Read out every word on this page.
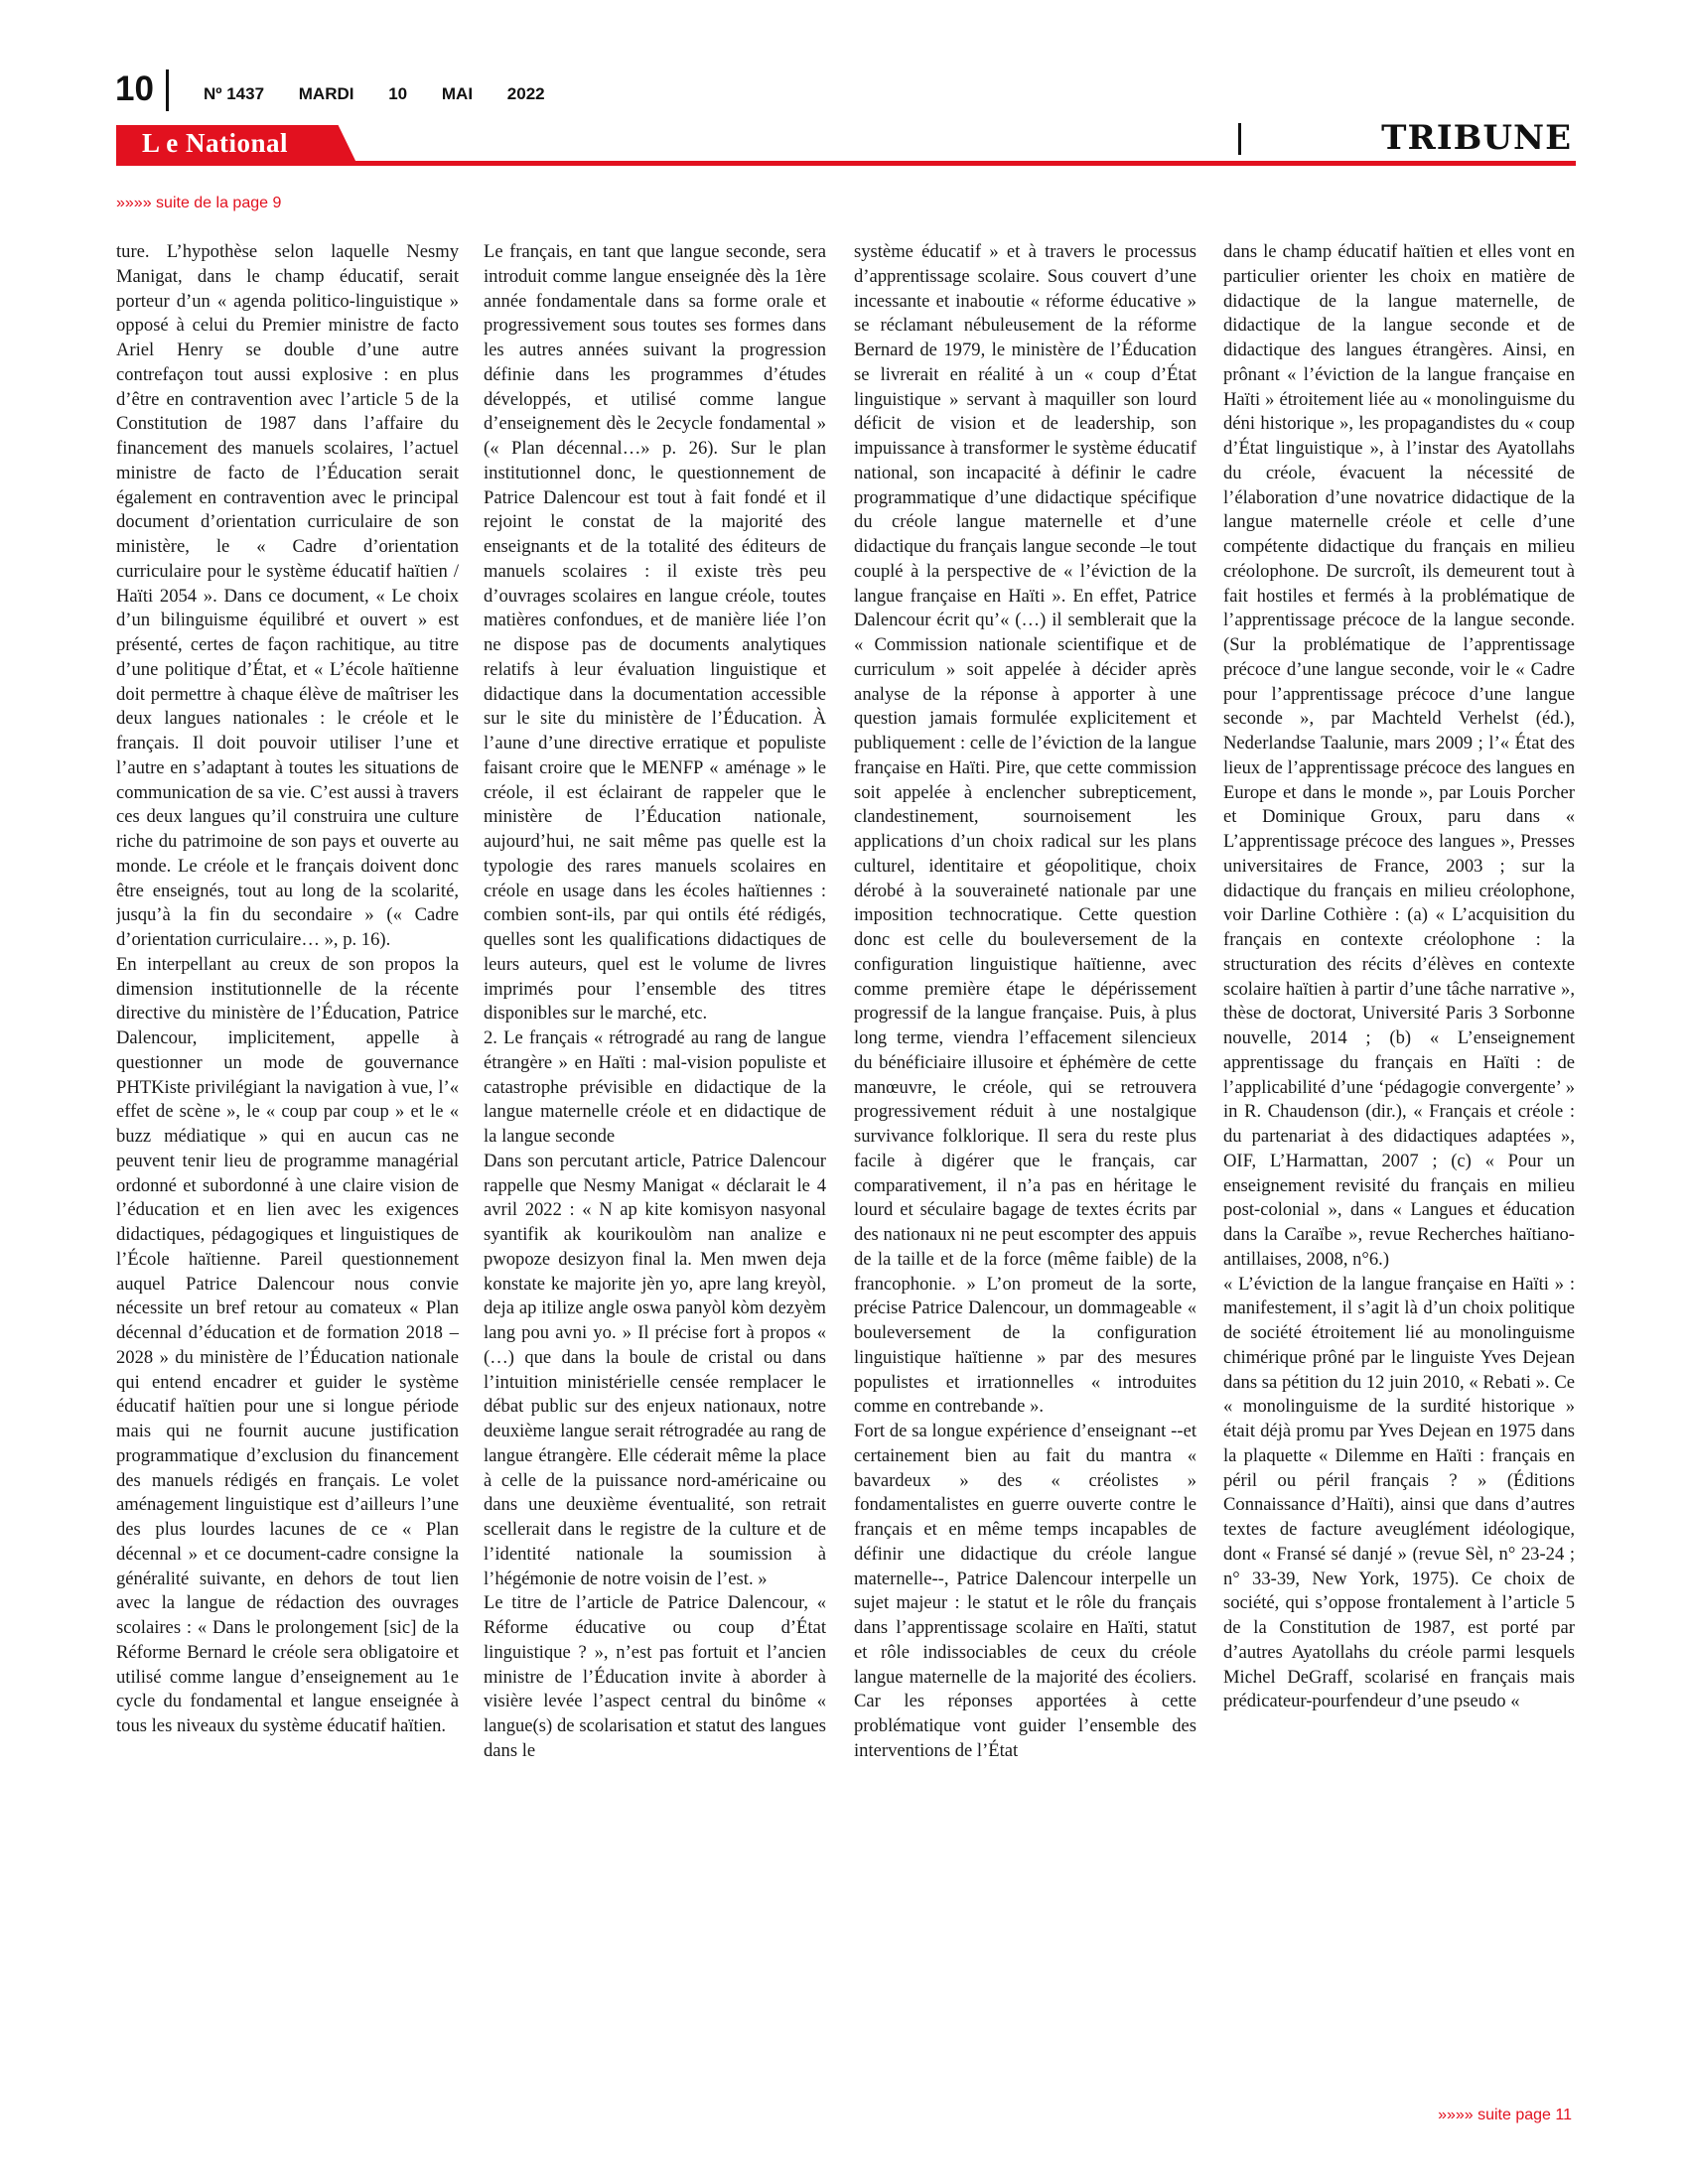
10	Nº 1437 MARDI 10 MAI 2022
L e National	TRIBUNE
»»»» suite de la page 9

ture. L’hypothèse selon laquelle Nesmy Manigat, dans le champ éducatif, serait porteur d’un « agenda politico-linguistique » opposé à celui du Premier ministre de facto Ariel Henry se double d’une autre contrefaçon tout aussi explosive : en plus d’être en contravention avec l’article 5 de la Constitution de 1987 dans l’affaire du financement des manuels scolaires, l’actuel ministre de facto de l’Éducation serait également en contravention avec le principal document d’orientation curriculaire de son ministère, le « Cadre d’orientation curriculaire pour le système éducatif haïtien / Haïti 2054 ». Dans ce document, « Le choix d’un bilinguisme équilibré et ouvert » est présenté, certes de façon rachitique, au titre d’une politique d’État, et « L’école haïtienne doit permettre à chaque élève de maîtriser les deux langues nationales : le créole et le français. Il doit pouvoir utiliser l’une et l’autre en s’adaptant à toutes les situations de communication de sa vie. C’est aussi à travers ces deux langues qu’il construira une culture riche du patrimoine de son pays et ouverte au monde. Le créole et le français doivent donc être enseignés, tout au long de la scolarité, jusqu’à la fin du secondaire » (« Cadre d’orientation curriculaire… », p. 16).

En interpellant au creux de son propos la dimension institutionnelle de la récente directive du ministère de l’Éducation, Patrice Dalencour, implicitement, appelle à questionner un mode de gouvernance PHTKiste privilégiant la navigation à vue, l’« effet de scène », le « coup par coup » et le « buzz médiatique » qui en aucun cas ne peuvent tenir lieu de programme managérial ordonné et subordonné à une claire vision de l’éducation et en lien avec les exigences didactiques, pédagogiques et linguistiques de l’École haïtienne. Pareil questionnement auquel Patrice Dalencour nous convie nécessite un bref retour au comateux « Plan décennal d’éducation et de formation 2018 – 2028 » du ministère de l’Éducation nationale qui entend encadrer et guider le système éducatif haïtien pour une si longue période mais qui ne fournit aucune justification programmatique d’exclusion du financement des manuels rédigés en français. Le volet aménagement linguistique est d’ailleurs l’une des plus lourdes lacunes de ce « Plan décennal » et ce document-cadre consigne la généralité suivante, en dehors de tout lien avec la langue de rédaction des ouvrages scolaires : « Dans le prolongement [sic] de la Réforme Bernard le créole sera obligatoire et utilisé comme langue d’enseignement au 1e cycle du fondamental et langue enseignée à tous les niveaux du système éducatif haïtien.

Le français, en tant que langue seconde, sera introduit comme langue enseignée dès la 1ère année fondamentale dans sa forme orale et progressivement sous toutes ses formes dans les autres années suivant la progression définie dans les programmes d’études développés, et utilisé comme langue d’enseignement dès le 2ecycle fondamental » (« Plan décennal…» p. 26). Sur le plan institutionnel donc, le questionnement de Patrice Dalencour est tout à fait fondé et il rejoint le constat de la majorité des enseignants et de la totalité des éditeurs de manuels scolaires : il existe très peu d’ouvrages scolaires en langue créole, toutes matières confondues, et de manière liée l’on ne dispose pas de documents analytiques relatifs à leur évaluation linguistique et didactique dans la documentation accessible sur le site du ministère de l’Éducation. À l’aune d’une directive erratique et populiste faisant croire que le MENFP « aménage » le créole, il est éclairant de rappeler que le ministère de l’Éducation nationale, aujourd’hui, ne sait même pas quelle est la typologie des rares manuels scolaires en créole en usage dans les écoles haïtiennes : combien sont-ils, par qui ontils été rédigés, quelles sont les qualifications didactiques de leurs auteurs, quel est le volume de livres imprimés pour l’ensemble des titres disponibles sur le marché, etc.

2. Le français « rétrogradé au rang de langue étrangère » en Haïti : mal-vision populiste et catastrophe prévisible en didactique de la langue maternelle créole et en didactique de la langue seconde

Dans son percutant article, Patrice Dalencour rappelle que Nesmy Manigat « déclarait le 4 avril 2022 : « N ap kite komisyon nasyonal syantifik ak kourikoulòm nan analize e pwopoze desizyon final la. Men mwen deja konstate ke majorite jèn yo, apre lang kreyòl, deja ap itilize angle oswa panyòl kòm dezyèm lang pou avni yo. » Il précise fort à propos « (…) que dans la boule de cristal ou dans l’intuition ministérielle censée remplacer le débat public sur des enjeux nationaux, notre deuxième langue serait rétrogradée au rang de langue étrangère. Elle céderait même la place à celle de la puissance nord-américaine ou dans une deuxième éventualité, son retrait scellerait dans le registre de la culture et de l’identité nationale la soumission à l’hégémonie de notre voisin de l’est. »

Le titre de l’article de Patrice Dalencour, « Réforme éducative ou coup d’État linguistique ? », n’est pas fortuit et l’ancien ministre de l’Éducation invite à aborder à visière levée l’aspect central du binôme « langue(s) de scolarisation et statut des langues dans le

système éducatif » et à travers le processus d’apprentissage scolaire. Sous couvert d’une incessante et inaboutie « réforme éducative » se réclamant nébuleusement de la réforme Bernard de 1979, le ministère de l’Éducation se livrerait en réalité à un « coup d’État linguistique » servant à maquiller son lourd déficit de vision et de leadership, son impuissance à transformer le système éducatif national, son incapacité à définir le cadre programmatique d’une didactique spécifique du créole langue maternelle et d’une didactique du français langue seconde –le tout couplé à la perspective de « l’éviction de la langue française en Haïti ». En effet, Patrice Dalencour écrit qu’« (…) il semblerait que la « Commission nationale scientifique et de curriculum » soit appelée à décider après analyse de la réponse à apporter à une question jamais formulée explicitement et publiquement : celle de l’éviction de la langue française en Haïti. Pire, que cette commission soit appelée à enclencher subrepticement, clandestinement, sournoisement les applications d’un choix radical sur les plans culturel, identitaire et géopolitique, choix dérobé à la souveraineté nationale par une imposition technocratique. Cette question donc est celle du bouleversement de la configuration linguistique haïtienne, avec comme première étape le dépérissement progressif de la langue française. Puis, à plus long terme, viendra l’effacement silencieux du bénéficiaire illusoire et éphémère de cette manœuvre, le créole, qui se retrouvera progressivement réduit à une nostalgique survivance folklorique. Il sera du reste plus facile à digérer que le français, car comparativement, il n’a pas en héritage le lourd et séculaire bagage de textes écrits par des nationaux ni ne peut escompter des appuis de la taille et de la force (même faible) de la francophonie. » L’on promeut de la sorte, précise Patrice Dalencour, un dommageable « bouleversement de la configuration linguistique haïtienne » par des mesures populistes et irrationnelles « introduites comme en contrebande ».

Fort de sa longue expérience d’enseignant --et certainement bien au fait du mantra « bavardeux » des « créolistes » fondamentalistes en guerre ouverte contre le français et en même temps incapables de définir une didactique du créole langue maternelle--, Patrice Dalencour interpelle un sujet majeur : le statut et le rôle du français dans l’apprentissage scolaire en Haïti, statut et rôle indissociables de ceux du créole langue maternelle de la majorité des écoliers. Car les réponses apportées à cette problématique vont guider l’ensemble des interventions de l’État

dans le champ éducatif haïtien et elles vont en particulier orienter les choix en matière de didactique de la langue maternelle, de didactique de la langue seconde et de didactique des langues étrangères. Ainsi, en prônant « l’éviction de la langue française en Haïti » étroitement liée au « monolinguisme du déni historique », les propagandistes du « coup d’État linguistique », à l’instar des Ayatollahs du créole, évacuent la nécessité de l’élaboration d’une novatrice didactique de la langue maternelle créole et celle d’une compétente didactique du français en milieu créolophone. De surcroît, ils demeurent tout à fait hostiles et fermés à la problématique de l’apprentissage précoce de la langue seconde. (Sur la problématique de l’apprentissage précoce d’une langue seconde, voir le « Cadre pour l’apprentissage précoce d’une langue seconde », par Machteld Verhelst (éd.), Nederlandse Taalunie, mars 2009 ; l’« État des lieux de l’apprentissage précoce des langues en Europe et dans le monde », par Louis Porcher et Dominique Groux, paru dans « L’apprentissage précoce des langues », Presses universitaires de France, 2003 ; sur la didactique du français en milieu créolophone, voir Darline Cothière : (a) « L’acquisition du français en contexte créolophone : la structuration des récits d’élèves en contexte scolaire haïtien à partir d’une tâche narrative », thèse de doctorat, Université Paris 3 Sorbonne nouvelle, 2014 ; (b) « L’enseignement apprentissage du français en Haïti : de l’applicabilité d’une ‘pédagogie convergente’ » in R. Chaudenson (dir.), « Français et créole : du partenariat à des didactiques adaptées », OIF, L’Harmattan, 2007 ; (c) « Pour un enseignement revisité du français en milieu post-colonial », dans « Langues et éducation dans la Caraïbe », revue Recherches haïtiano-antillaises, 2008, n°6.)

« L’éviction de la langue française en Haïti » : manifestement, il s’agit là d’un choix politique de société étroitement lié au monolinguisme chimérique prôné par le linguiste Yves Dejean dans sa pétition du 12 juin 2010, « Rebati ». Ce « monolinguisme de la surdité historique » était déjà promu par Yves Dejean en 1975 dans la plaquette « Dilemme en Haïti : français en péril ou péril français ? » (Éditions Connaissance d’Haïti), ainsi que dans d’autres textes de facture aveuglément idéologique, dont « Fransé sé danjé » (revue Sèl, n° 23-24 ; n° 33-39, New York, 1975). Ce choix de société, qui s’oppose frontalement à l’article 5 de la Constitution de 1987, est porté par d’autres Ayatollahs du créole parmi lesquels Michel DeGraff, scolarisé en français mais prédicateur-pourfendeur d’une pseudo «

»»»» suite page 11
